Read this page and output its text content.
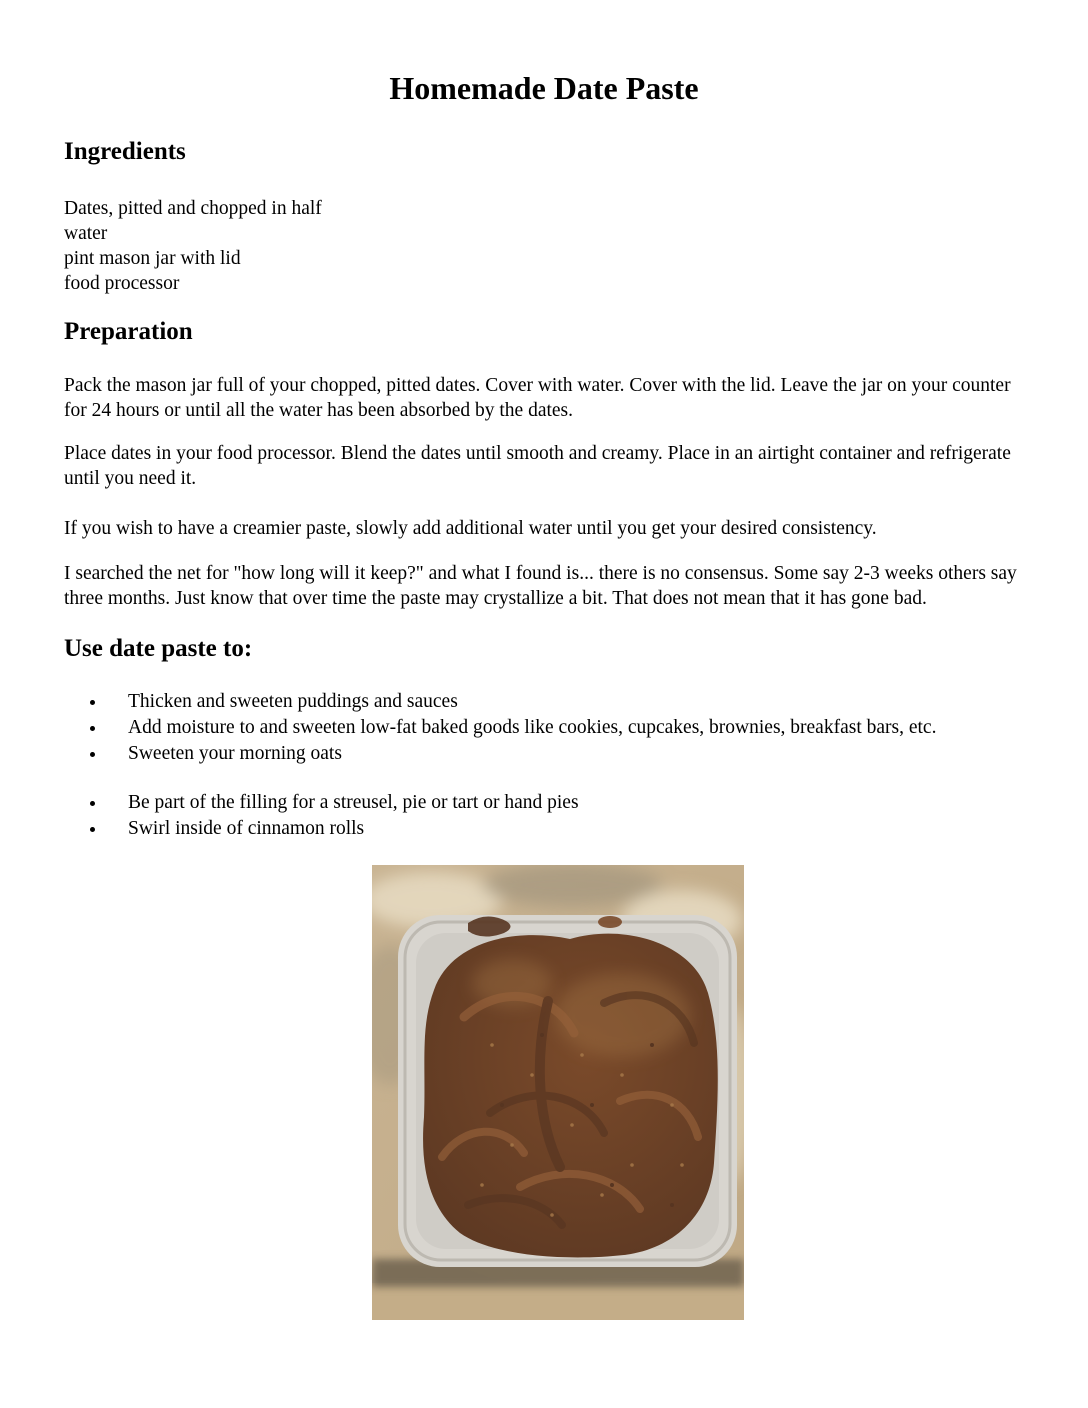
Homemade Date Paste
Ingredients
Dates, pitted and chopped in half
water
pint mason jar with lid
food processor
Preparation

Pack the mason jar full of your chopped, pitted dates. Cover with water. Cover with the lid. Leave the jar on your counter for 24 hours or until all the water has been absorbed by the dates.

Place dates in your food processor. Blend the dates until smooth and creamy. Place in an airtight container and refrigerate until you need it.

If you wish to have a creamier paste, slowly add additional water until you get your desired consistency.

I searched the net for "how long will it keep?" and what I found is... there is no consensus. Some say 2-3 weeks others say three months. Just know that over time the paste may crystallize a bit. That does not mean that it has gone bad.

Use date paste to:
Thicken and sweeten puddings and sauces
Add moisture to and sweeten low-fat baked goods like cookies, cupcakes, brownies, breakfast bars, etc.
Sweeten your morning oats
Be part of the filling for a streusel, pie or tart or hand pies
Swirl inside of cinnamon rolls
